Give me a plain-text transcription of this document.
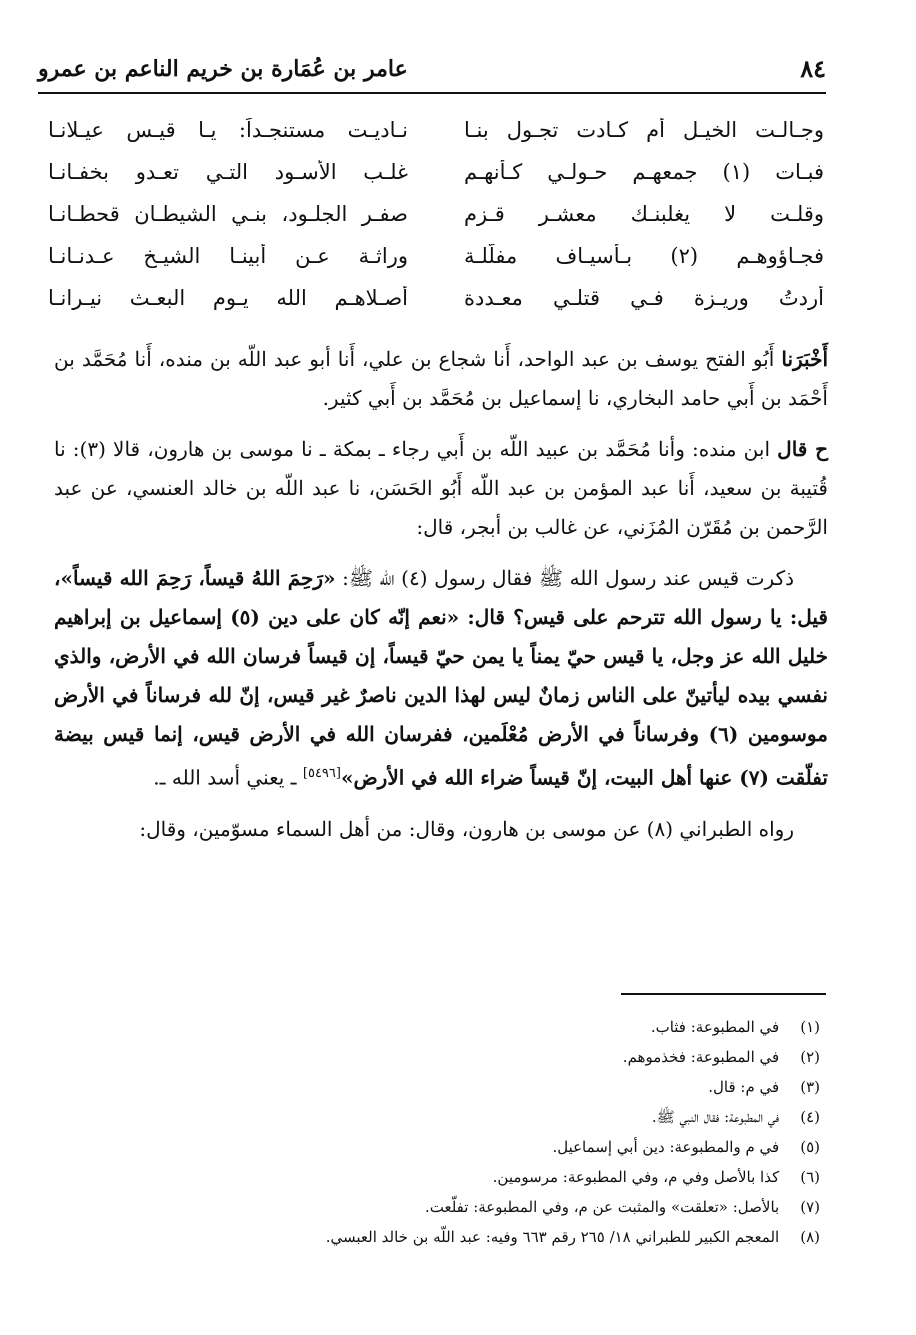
٨٤
عامر بن عُمَارة بن خريم الناعم بن عمرو
وجـالـت الخيـل أم كـادت تجـول بنـا
نـاديـت مستنجـداً: يـا قيـس عيـلانـا
فبـات (١) جمعهـم حـولـي كـأنهـم
غلـب الأسـود التـي تعـدو بخفـانـا
وقلـت لا يغلبنـك معشـر قـزم
صفـر الجلـود، بنـي الشيطـان قحطـانـا
فجـاؤوهـم (٢) بـأسيـاف مفلّلـة
وراثـة عـن أبينـا الشيـخ عـدنـانـا
أردتُ وريـزة فـي قتلـي معـددة
أصـلاهـم الله يـوم البعـث نيـرانـا

أَخْبَرَنا أَبُو الفتح يوسف بن عبد الواحد، أَنا شجاع بن علي، أَنا أبو عبد اللّه بن منده، أَنا مُحَمَّد بن أَحْمَد بن أَبي حامد البخاري، نا إسماعيل بن مُحَمَّد بن أَبي كثير.

ح قال ابن منده: وأنا مُحَمَّد بن عبيد اللّه بن أَبي رجاء ـ بمكة ـ نا موسى بن هارون، قالا (٣): نا قُتيبة بن سعيد، أَنا عبد المؤمن بن عبد اللّه أَبُو الحَسَن، نا عبد اللّه بن خالد العنسي، عن عبد الرَّحمن بن مُقَرّن المُزَني، عن غالب بن أبجر، قال:

ذكرت قيس عند رسول الله ﷺ فقال رسول (٤) الله ﷺ: «رَحِمَ اللهُ قيساً، رَحِمَ الله قيساً»، قيل: يا رسول الله تترحم على قيس؟ قال: «نعم إنّه كان على دين (٥) إسماعيل بن إبراهيم خليل الله عز وجل، يا قيس حيّ يمناً يا يمن حيّ قيساً، إن قيساً فرسان الله في الأرض، والذي نفسي بيده ليأتينّ على الناس زمانٌ ليس لهذا الدين ناصرٌ غير قيس، إنّ لله فرساناً في الأرض موسومين (٦) وفرساناً في الأرض مُعْلَمين، ففرسان الله في الأرض قيس، إنما قيس بيضة تفلّقت (٧) عنها أهل البيت، إنّ قيساً ضراء الله في الأرض»[٥٤٩٦] ـ يعني أسد الله ـ.

رواه الطبراني (٨) عن موسى بن هارون، وقال: من أهل السماء مسوّمين، وقال:

(١) في المطبوعة: فثاب.
(٢) في المطبوعة: فخذموهم.
(٣) في م: قال.
(٤) في المطبوعة: فقال النبي ﷺ.
(٥) في م والمطبوعة: دين أبي إسماعيل.
(٦) كذا بالأصل وفي م، وفي المطبوعة: مرسومين.
(٧) بالأصل: «تعلقت» والمثبت عن م، وفي المطبوعة: تفلّعت.
(٨) المعجم الكبير للطبراني ١٨/ ٢٦٥ رقم ٦٦٣ وفيه: عبد اللّه بن خالد العبسي.
